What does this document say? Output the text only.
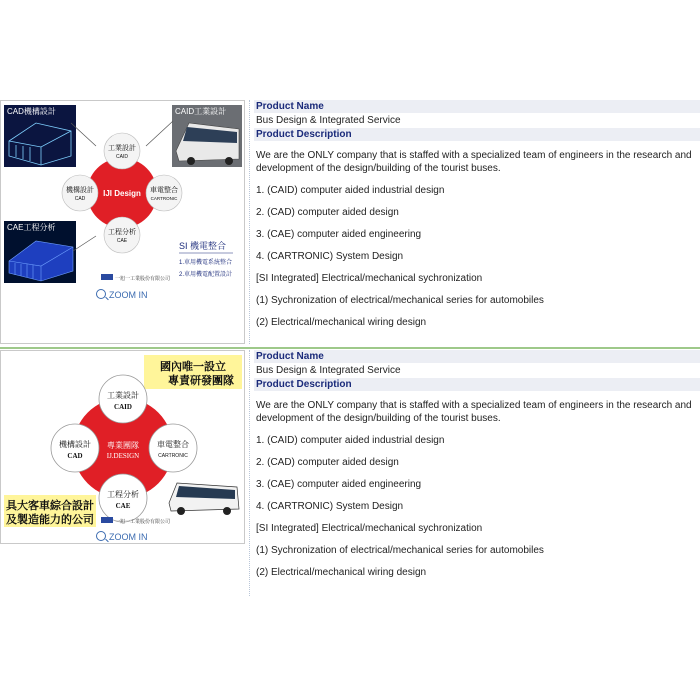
CAD機構設計	CAID工業設計
CAE工程分析
IJI Design
工業設計
CAID
機構設計
CAD
車電整合
CARTRONIC
工程分析
CAE	SI 機電整合
1.車用機電系統整合
2.車用機電配置設計
一旭一工業股份有限公司
ZOOM IN
Product Name
Bus Design & Integrated Service
Product Description

We are the ONLY company that is staffed with a specialized team of engineers in the research and development of the design/building of the tourist buses.

1. (CAID) computer aided industrial design

2. (CAD) computer aided design

3. (CAE) computer aided engineering

4. (CARTRONIC) System Design

[SI Integrated] Electrical/mechanical sychronization

(1) Sychronization of electrical/mechanical series for automobiles

(2) Electrical/mechanical wiring design

國內唯一設立
專責研發團隊
專業團隊
IJ.DESIGN
工業設計
CAID
機構設計
CAD
車電整合
CARTRONIC
工程分析
CAE
具大客車綜合設計
及製造能力的公司	一旭一工業股份有限公司
ZOOM IN
Product Name
Bus Design & Integrated Service
Product Description

We are the ONLY company that is staffed with a specialized team of engineers in the research and development of the design/building of the tourist buses.

1. (CAID) computer aided industrial design

2. (CAD) computer aided design

3. (CAE) computer aided engineering

4. (CARTRONIC) System Design

[SI Integrated] Electrical/mechanical sychronization

(1) Sychronization of electrical/mechanical series for automobiles

(2) Electrical/mechanical wiring design
